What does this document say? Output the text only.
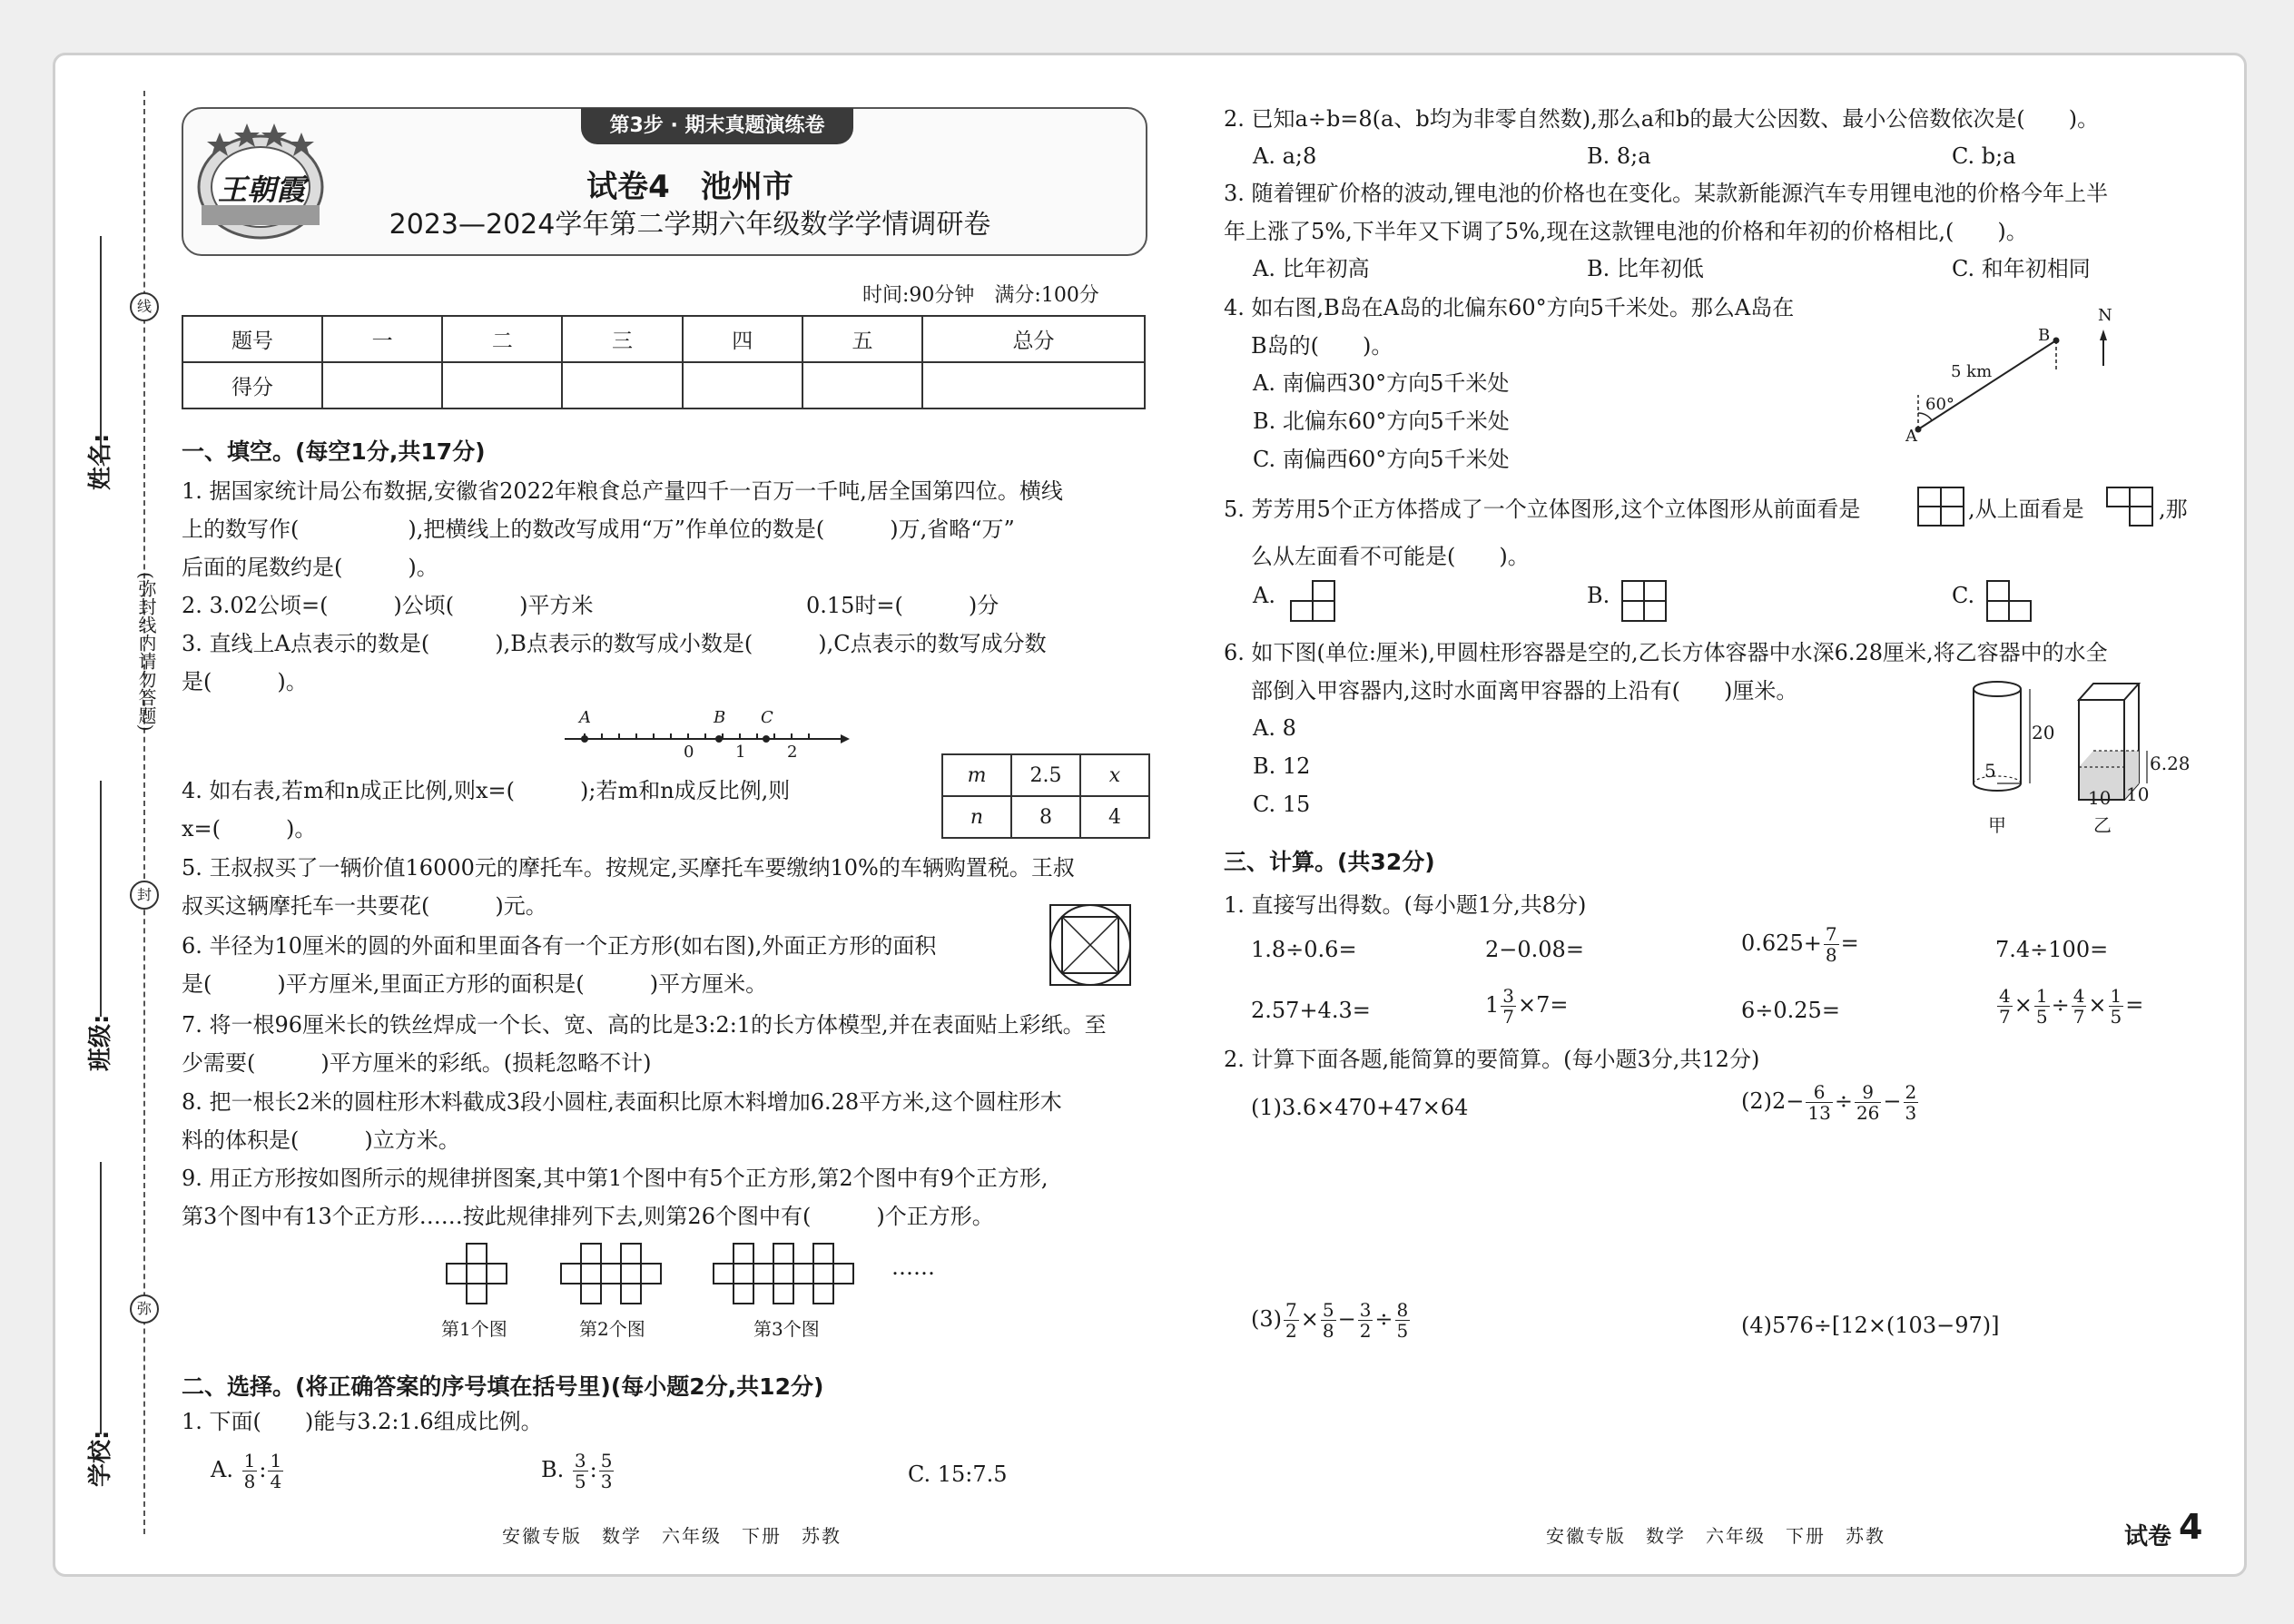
线
封
弥
(弥封线内请勿答题)
姓名:
班级:
学校:
王朝霞
第3步 · 期末真题演练卷
试卷4　池州市
2023—2024学年第二学期六年级数学学情调研卷
时间:90分钟　满分:100分
题号	一	二	三	四	五	总分
得分						
一、填空。(每空1分,共17分)
1. 据国家统计局公布数据,安徽省2022年粮食总产量四千一百万一千吨,居全国第四位。横线
上的数写作(　　　　　),把横线上的数改写成用“万”作单位的数是(　　　)万,省略“万”
后面的尾数约是(　　　)。
2. 3.02公顷=(　　　)公顷(　　　)平方米	0.15时=(　　　)分
3. 直线上A点表示的数是(　　　),B点表示的数写成小数是(　　　),C点表示的数写成分数
是(　　　)。
A	B C
0	1	2
4. 如右表,若m和n成正比例,则x=(　　　);若m和n成反比例,则
x=(　　　)。
m	2.5	x
n	8	4
5. 王叔叔买了一辆价值16000元的摩托车。按规定,买摩托车要缴纳10%的车辆购置税。王叔
叔买这辆摩托车一共要花(　　　)元。
6. 半径为10厘米的圆的外面和里面各有一个正方形(如右图),外面正方形的面积
是(　　　)平方厘米,里面正方形的面积是(　　　)平方厘米。
7. 将一根96厘米长的铁丝焊成一个长、宽、高的比是3:2:1的长方体模型,并在表面贴上彩纸。至
少需要(　　　)平方厘米的彩纸。(损耗忽略不计)
8. 把一根长2米的圆柱形木料截成3段小圆柱,表面积比原木料增加6.28平方米,这个圆柱形木
料的体积是(　　　)立方米。
9. 用正方形按如图所示的规律拼图案,其中第1个图中有5个正方形,第2个图中有9个正方形,
第3个图中有13个正方形……按此规律排列下去,则第26个图中有(　　　)个正方形。
第1个图	第2个图	第3个图
……
二、选择。(将正确答案的序号填在括号里)(每小题2分,共12分)
1. 下面(　　)能与3.2:1.6组成比例。
A. $\frac{1}{8}$ : $\frac{1}{4}$	B. $\frac{3}{5}$ : $\frac{5}{3}$	C. 15:7.5
安徽专版　数学　六年级　下册　苏教
2. 已知a÷b=8(a、b均为非零自然数),那么a和b的最大公因数、最小公倍数依次是(　　)。
A. a;8	B. 8;a	C. b;a
3. 随着锂矿价格的波动,锂电池的价格也在变化。某款新能源汽车专用锂电池的价格今年上半
年上涨了5%,下半年又下调了5%,现在这款锂电池的价格和年初的价格相比,(　　)。
A. 比年初高	B. 比年初低	C. 和年初相同
4. 如右图,B岛在A岛的北偏东60°方向5千米处。那么A岛在
B岛的(　　)。
A. 南偏西30°方向5千米处
B. 北偏东60°方向5千米处
C. 南偏西60°方向5千米处
A
B
N
5 km
60°
5. 芳芳用5个正方体搭成了一个立体图形,这个立体图形从前面看是	,从上面看是	,那
么从左面看不可能是(　　)。
A.	B.	C.
6. 如下图(单位:厘米),甲圆柱形容器是空的,乙长方体容器中水深6.28厘米,将乙容器中的水全
部倒入甲容器内,这时水面离甲容器的上沿有(　　)厘米。
A. 8
B. 12
C. 15
20
5	6.28
10 10
甲	乙
三、计算。(共32分)
1. 直接写出得数。(每小题1分,共8分)
1.8÷0.6=	2−0.08=	$0.625+ \frac{7}{8}$ =	7.4÷100=
2.57+4.3=	$1 \frac{3}{7} \times 7=$	6÷0.25=	$\frac{4}{7} \times \frac{1}{5} \div \frac{4}{7} \times \frac{1}{5}$ =
2. 计算下面各题,能简算的要简算。(每小题3分,共12分)
(1)3.6×470+47×64	$(2)2- \frac{6}{13} \div \frac{9}{26} - \frac{2}{3}$
$(3) \frac{7}{2} \times \frac{5}{8} - \frac{3}{2} \div \frac{8}{5}$	(4)576÷[12×(103−97)]
安徽专版　数学　六年级　下册　苏教	试卷 4
